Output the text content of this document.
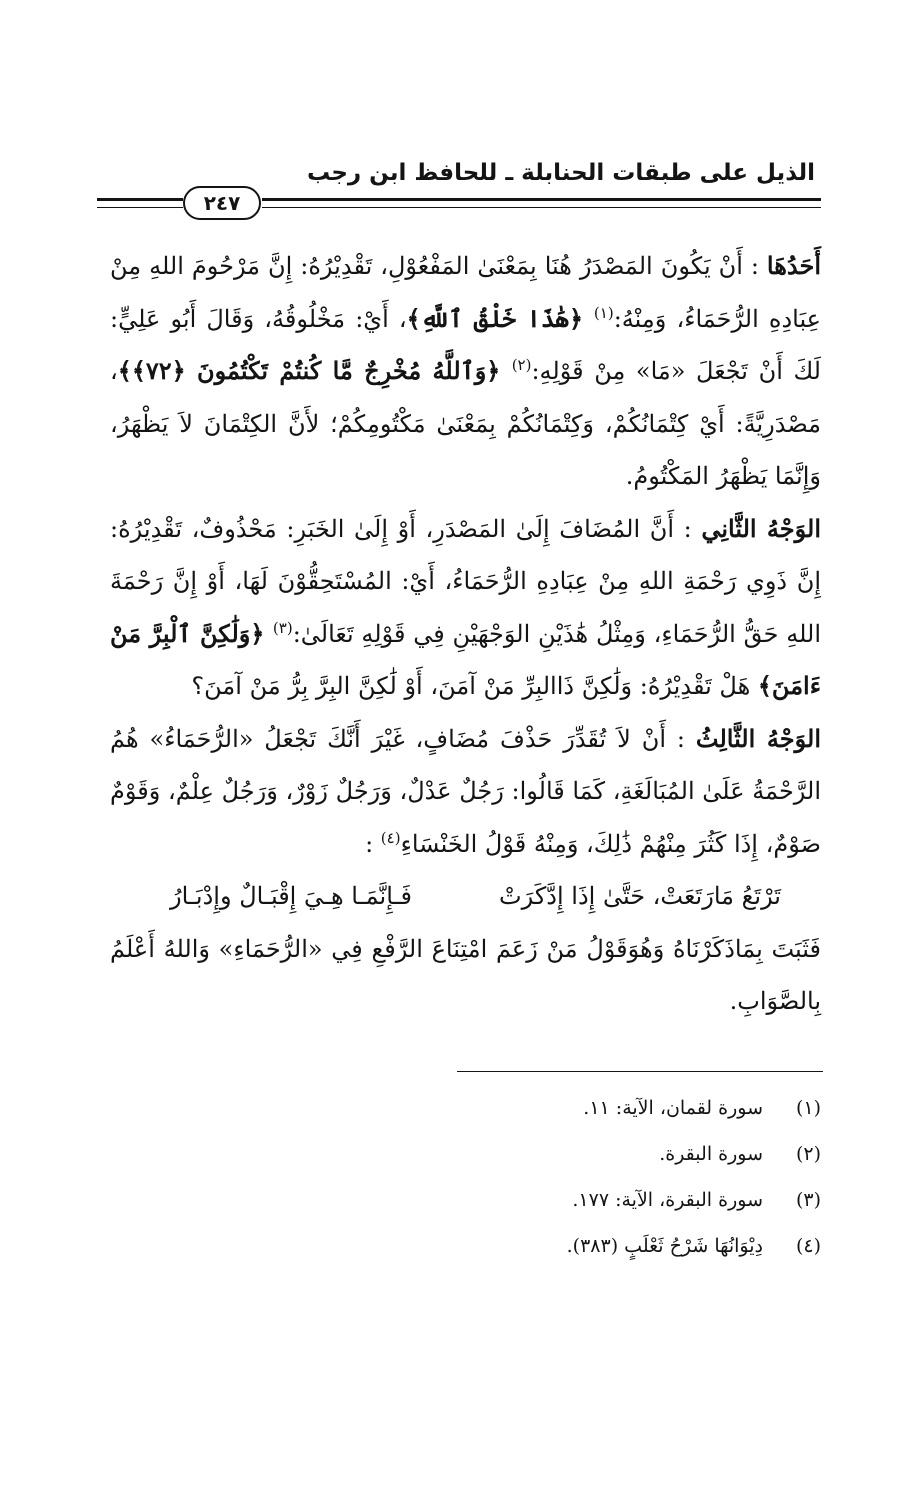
الذيل على طبقات الحنابلة ـ للحافظ ابن رجب
٢٤٧

أَحَدُهَا : أَنْ يَكُونَ المَصْدَرُ هُنَا بِمَعْنَىٰ المَفْعُوْلِ، تَقْدِيْرُهُ: إِنَّ مَرْحُومَ اللهِ مِنْ عِبَادِهِ الرُّحَمَاءُ، وَمِنْهُ:$^{(١)}$ ﴿هَٰذَا خَلْقُ ٱللَّهِ﴾، أَيْ: مَخْلُوقُهُ، وَقَالَ أَبُو عَلِيٍّ: لَكَ أَنْ تَجْعَلَ «مَا» مِنْ قَوْلِهِ:$^{(٢)}$ ﴿وَٱللَّهُ مُخْرِجٌ مَّا كُنتُمْ تَكْتُمُونَ ﴿٧٢﴾﴾، مَصْدَرِيَّةً: أَيْ كِتْمَانُكُمْ، وَكِتْمَانُكُمْ بِمَعْنَىٰ مَكْتُومِكُمْ؛ لأَنَّ الكِتْمَانَ لاَ يَظْهَرُ، وَإِنَّمَا يَظْهَرُ المَكْتُومُ.

الوَجْهُ الثَّانِي : أَنَّ المُضَافَ إِلَىٰ المَصْدَرِ، أَوْ إِلَىٰ الخَبَرِ: مَحْذُوفٌ، تَقْدِيْرُهُ: إِنَّ ذَوِي رَحْمَةِ اللهِ مِنْ عِبَادِهِ الرُّحَمَاءُ، أَيْ: المُسْتَحِقُّوْنَ لَهَا، أَوْ إِنَّ رَحْمَةَ اللهِ حَقُّ الرُّحَمَاءِ، وَمِثْلُ هَٰذَيْنِ الوَجْهَيْنِ فِي قَوْلِهِ تَعَالَىٰ:$^{(٣)}$ ﴿وَلَٰكِنَّ ٱلْبِرَّ مَنْ ءَامَنَ﴾ هَلْ تَقْدِيْرُهُ: وَلَٰكِنَّ ذَاالبِرِّ مَنْ آمَنَ، أَوْ لَٰكِنَّ البِرَّ بِرُّ مَنْ آمَنَ؟

الوَجْهُ الثَّالِثُ : أَنْ لاَ تُقَدِّرَ حَذْفَ مُضَافٍ، غَيْرَ أَنَّكَ تَجْعَلُ «الرُّحَمَاءُ» هُمُ الرَّحْمَةُ عَلَىٰ المُبَالَغَةِ، كَمَا قَالُوا: رَجُلٌ عَدْلٌ، وَرَجُلٌ زَوْرٌ، وَرَجُلٌ عِلْمٌ، وَقَوْمٌ صَوْمٌ، إِذَا كَثُرَ مِنْهُمْ ذَٰلِكَ، وَمِنْهُ قَوْلُ الخَنْسَاءِ$^{(٤)}$ :

تَرْتَعُ مَارَتَعَتْ، حَتَّىٰ إِذَا إِدَّكَرَتْ
فَـإِنَّمَـا هِـيَ إِقْبَـالٌ وإِدْبَـارُ

فَثَبَتَ بِمَاذَكَرْنَاهُ وَهُوَقَوْلُ مَنْ زَعَمَ امْتِنَاعَ الرَّفْعِ فِي «الرُّحَمَاءِ» وَاللهُ أَعْلَمُ بِالصَّوَابِ.

(١)
سورة لقمان، الآية: ١١.
(٢)
سورة البقرة.
(٣)
سورة البقرة، الآية: ١٧٧.
(٤)
دِيْوَانُهَا شَرْحُ ثَعْلَبٍ (٣٨٣).
